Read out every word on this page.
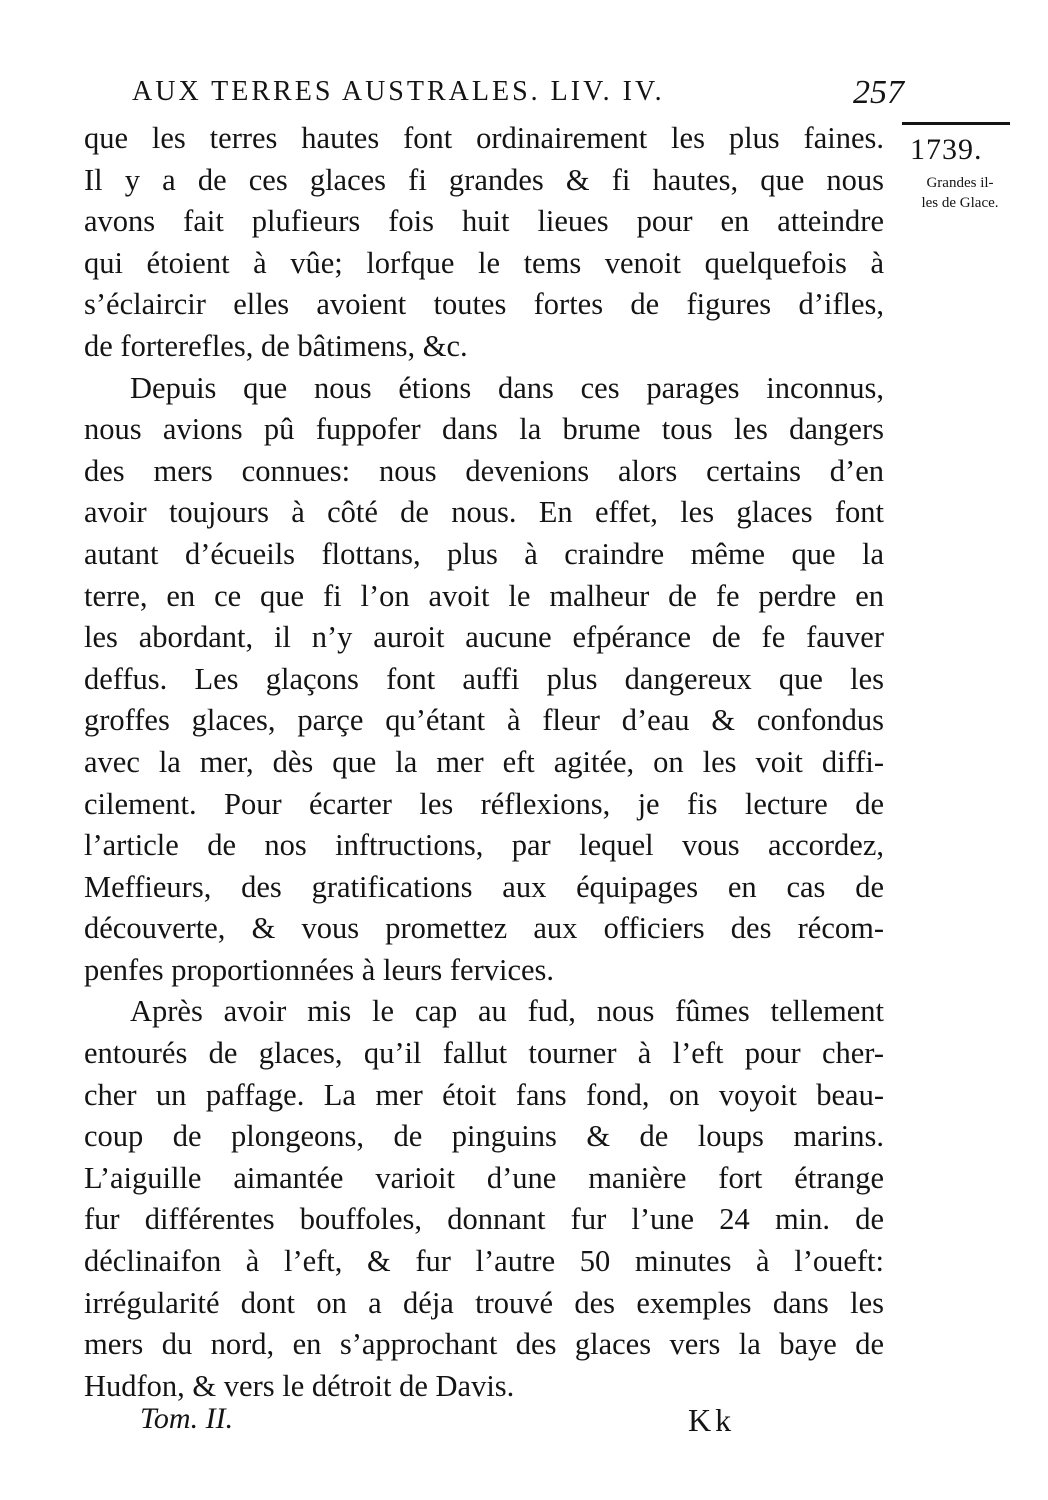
AUX TERRES AUSTRALES. LIV. IV.	257
1739.
Grandes il-
les de Glace.
que les terres hautes font ordinairement les plus faines.
Il y a de ces glaces fi grandes & fi hautes, que nous
avons fait plufieurs fois huit lieues pour en atteindre
qui étoient à vûe; lorfque le tems venoit quelquefois à
s’éclaircir elles avoient toutes fortes de figures d’ifles,
de forterefles, de bâtimens, &c.
Depuis que nous étions dans ces parages inconnus,
nous avions pû fuppofer dans la brume tous les dangers
des mers connues: nous devenions alors certains d’en
avoir toujours à côté de nous. En effet, les glaces font
autant d’écueils flottans, plus à craindre même que la
terre, en ce que fi l’on avoit le malheur de fe perdre en
les abordant, il n’y auroit aucune efpérance de fe fauver
deffus. Les glaçons font auffi plus dangereux que les
groffes glaces, parçe qu’étant à fleur d’eau & confondus
avec la mer, dès que la mer eft agitée, on les voit diffi-
cilement. Pour écarter les réflexions, je fis lecture de
l’article de nos inftructions, par lequel vous accordez,
Meffieurs, des gratifications aux équipages en cas de
découverte, & vous promettez aux officiers des récom-
penfes proportionnées à leurs fervices.
Après avoir mis le cap au fud, nous fûmes tellement
entourés de glaces, qu’il fallut tourner à l’eft pour cher-
cher un paffage. La mer étoit fans fond, on voyoit beau-
coup de plongeons, de pinguins & de loups marins.
L’aiguille aimantée varioit d’une manière fort étrange
fur différentes bouffoles, donnant fur l’une 24 min. de
déclinaifon à l’eft, & fur l’autre 50 minutes à l’oueft:
irrégularité dont on a déja trouvé des exemples dans les
mers du nord, en s’approchant des glaces vers la baye de
Hudfon, & vers le détroit de Davis.
Tom. II.	Kk
